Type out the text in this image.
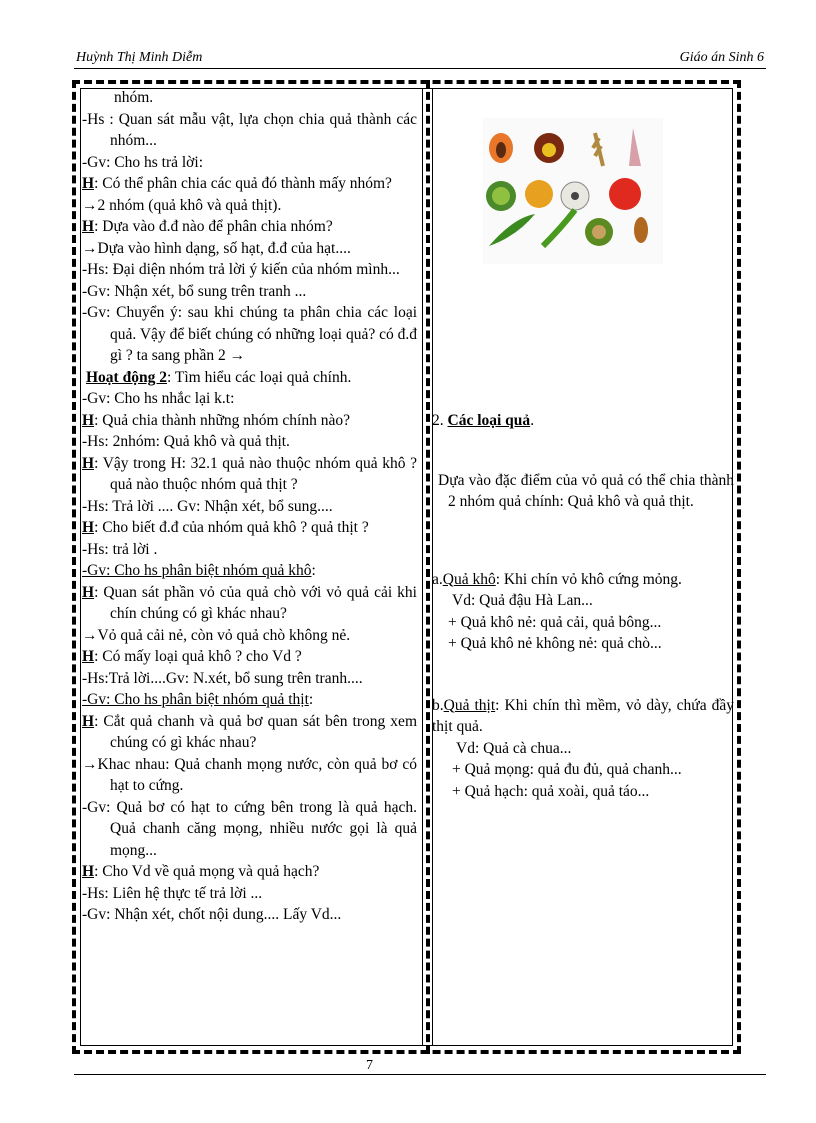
Huỳnh Thị Minh Diễm	Giáo án Sinh 6

nhóm.

-Hs : Quan sát mẫu vật, lựa chọn chia quả thành các nhóm...

-Gv: Cho hs trả lời:

H: Có thể phân chia các quả đó thành mấy nhóm?

→ 2 nhóm (quả khô và quả thịt).

H: Dựa vào đ.đ nào để phân chia nhóm?

→ Dựa vào hình dạng, số hạt, đ.đ của hạt....

-Hs: Đại diện nhóm trả lời ý kiến của nhóm mình...

-Gv: Nhận xét, bổ sung trên tranh ...

-Gv: Chuyển ý: sau khi chúng ta phân chia các loại quả. Vậy để biết chúng có những loại quả? có đ.đ gì ? ta sang phần 2 →

Hoạt động 2: Tìm hiểu các loại quả chính.

-Gv: Cho hs nhắc lại k.t:

H: Quả chia thành những nhóm chính nào?

-Hs: 2nhóm: Quả khô và quả thịt.

H: Vậy trong H: 32.1 quả nào thuộc nhóm quả khô ? quả nào thuộc nhóm quả thịt ?

-Hs: Trả lời .... Gv: Nhận xét, bổ sung....

H: Cho biết đ.đ của nhóm quả khô ? quả thịt ?

-Hs: trả lời .

-Gv: Cho hs phân biệt nhóm quả khô:

H: Quan sát phần vỏ của quả chò với vỏ quả cải khi chín chúng có gì khác nhau?

→ Vỏ quả cải nẻ, còn vỏ quả chò không nẻ.

H: Có mấy loại quả khô ? cho Vd ?

-Hs:Trả lời....Gv: N.xét, bổ sung trên tranh....

-Gv: Cho hs phân biệt nhóm quả thịt:

H: Cắt quả chanh và quả bơ quan sát bên trong xem chúng có gì khác nhau?

→ Khac nhau: Quả chanh mọng nước, còn quả bơ có hạt to cứng.

-Gv: Quả bơ có hạt to cứng bên trong là quả hạch. Quả chanh căng mọng, nhiều nước gọi là quả mọng...

H: Cho Vd về quả mọng và quả hạch?

-Hs: Liên hệ thực tế trả lời ...

-Gv: Nhận xét, chốt nội dung.... Lấy Vd...

2. Các loại quả.

Dựa vào đặc điểm của vỏ quả có thể chia thành 2 nhóm quả chính: Quả khô và quả thịt.

a.Quả khô: Khi chín vỏ khô cứng mỏng.

Vd: Quả đậu Hà Lan...

+ Quả khô nẻ: quả cải, quả bông...

+ Quả khô nẻ không nẻ: quả chò...

b.Quả thịt: Khi chín thì mềm, vỏ dày, chứa đầy thịt quả.

Vd: Quả cà chua...

+ Quả mọng: quả đu đủ, quả chanh...

+ Quả hạch: quả xoài, quả táo...

7
